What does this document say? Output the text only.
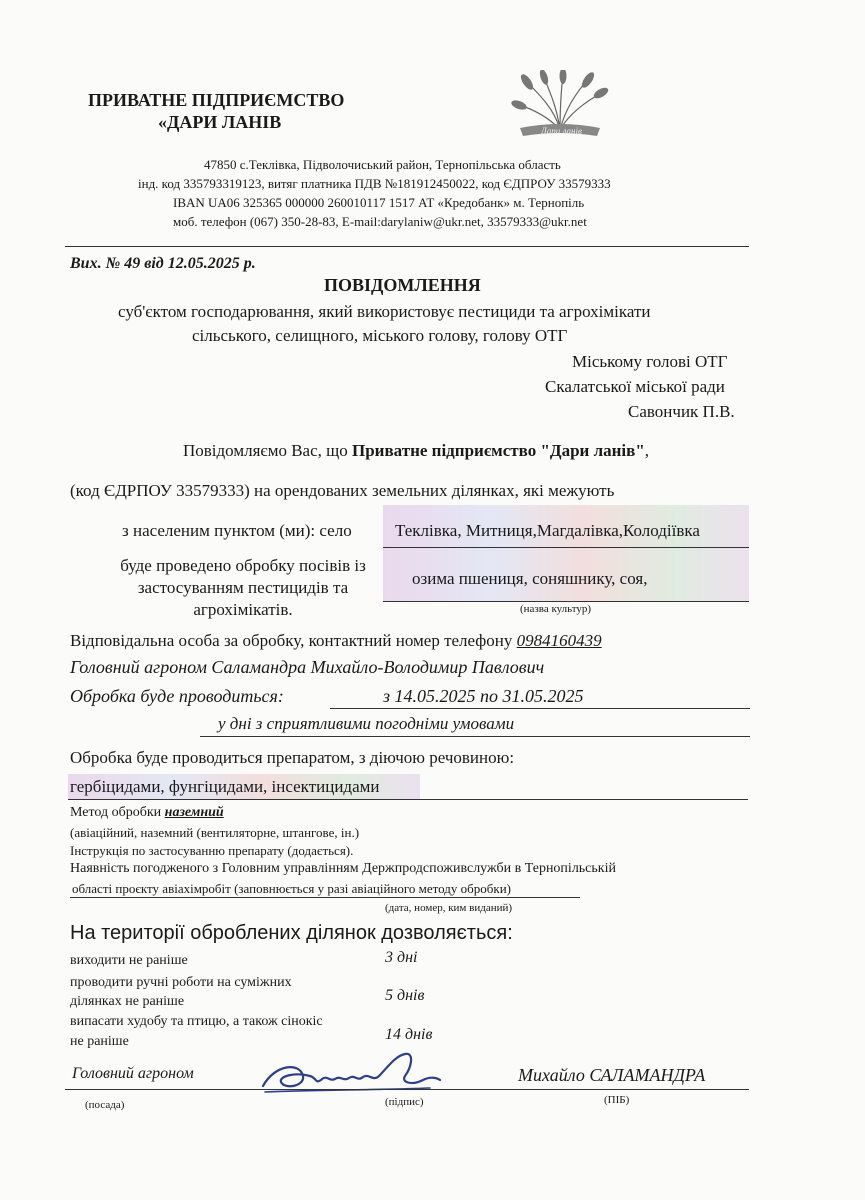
ПРИВАТНЕ ПІДПРИЄМСТВО
«ДАРИ ЛАНІВ	Дари ланів
47850 с.Теклівка, Підволочиський район, Тернопільська область
інд. код 335793319123, витяг платника ПДВ №181912450022, код ЄДПРОУ 33579333
IBAN UA06 325365 000000 260010117 1517 АТ «Кредобанк» м. Тернопіль
моб. телефон (067) 350-28-83, E-mail:darylaniw@ukr.net, 33579333@ukr.net
Вих. № 49 від 12.05.2025 р.
ПОВІДОМЛЕННЯ
суб'єктом господарювання, який використовує пестициди та агрохімікати
сільського, селищного, міського голову, голову ОТГ
Міському голові ОТГ
Скалатської міської ради
Савончик П.В.
Повідомляємо Вас, що Приватне підприємство "Дари ланів",
(код ЄДРПОУ 33579333) на орендованих земельних ділянках, які межують
з населеним пунктом (ми): село	Теклівка, Митниця,Магдалівка,Колодіївка
буде проведено обробку посівів із
застосуванням пестицидів та
агрохімікатів.
озима пшениця, соняшнику, соя,
(назва культур)
Відповідальна особа за обробку, контактний номер телефону 0984160439
Головний агроном Саламандра Михайло-Володимир Павлович
Обробка буде проводиться:	з 14.05.2025 по 31.05.2025
у дні з сприятливими погодніми умовами
Обробка буде проводиться препаратом, з діючою речовиною:
гербіцидами, фунгіцидами, інсектицидами
Метод обробки наземний
(авіаційний, наземний (вентиляторне, штангове, ін.)
Інструкція по застосуванню препарату (додається).
Наявність погодженого з Головним управлінням Держпродспоживслужби в Тернопільській
області проєкту авіахімробіт (заповнюється у разі авіаційного методу обробки)
(дата, номер, ким виданий)
На території оброблених ділянок дозволяється:
виходити не раніше	3 дні
проводити ручні роботи на суміжних
ділянках не раніше	5 днів
випасати худобу та птицю, а також сінокіс
не раніше	14 днів
Головний агроном	Михайло САЛАМАНДРА
(посада)	(підпис)	(ПІБ)
